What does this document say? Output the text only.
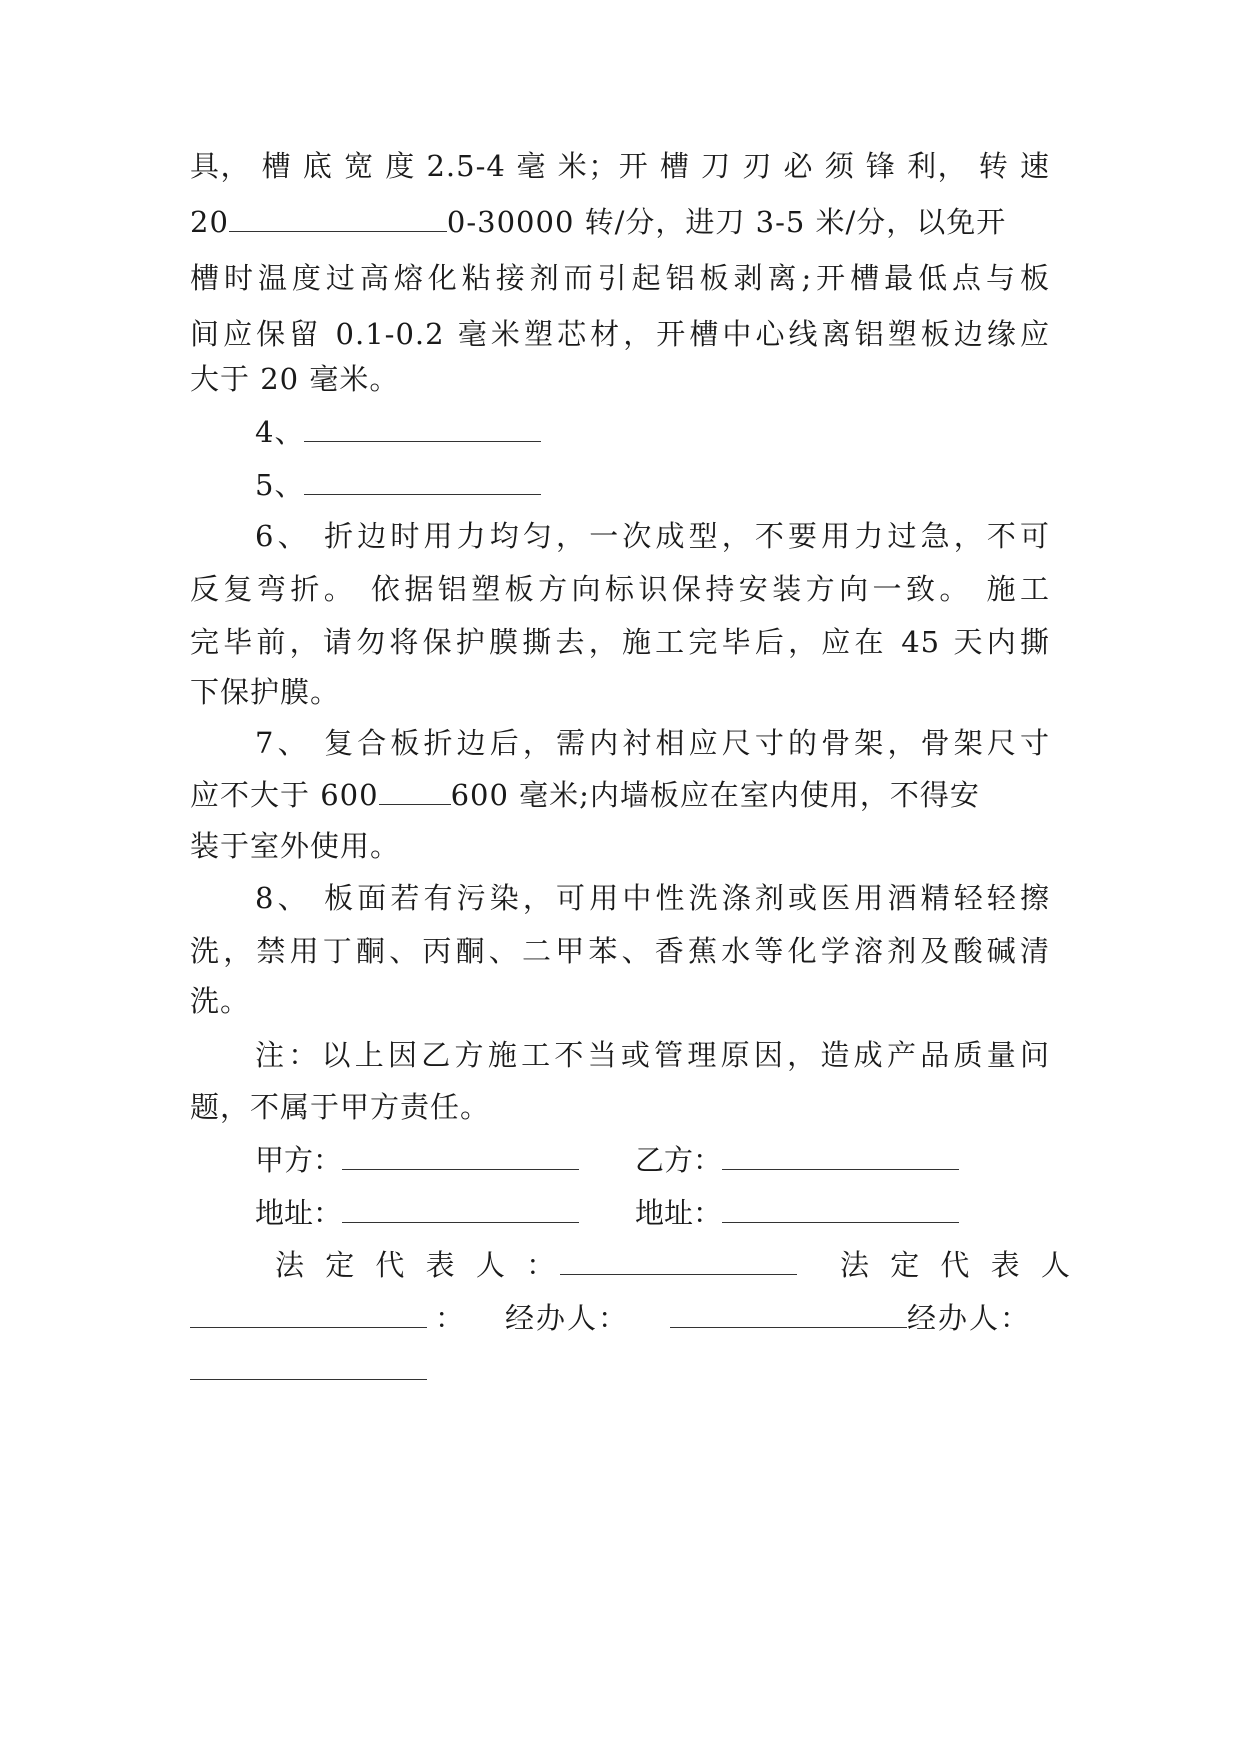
具， 槽 底 宽 度 2.5-4 毫 米；开 槽 刀 刃 必 须 锋 利， 转 速
20	0-30000 转/分，进刀 3-5 米/分，以免开
槽时温度过高熔化粘接剂而引起铝板剥离;开槽最低点与板
间应保留 0.1-0.2 毫米塑芯材，开槽中心线离铝塑板边缘应
大于 20 毫米。
4、
5、
6、 折边时用力均匀，一次成型，不要用力过急，不可
反复弯折。 依据铝塑板方向标识保持安装方向一致。 施工
完毕前，请勿将保护膜撕去，施工完毕后，应在 45 天内撕
下保护膜。
7、 复合板折边后，需内衬相应尺寸的骨架，骨架尺寸
应不大于 600 600 毫米;内墙板应在室内使用，不得安
装于室外使用。
8、 板面若有污染，可用中性洗涤剂或医用酒精轻轻擦
洗，禁用丁酮、丙酮、二甲苯、香蕉水等化学溶剂及酸碱清
洗。
注：以上因乙方施工不当或管理原因，造成产品质量问
题，不属于甲方责任。
甲方：	乙方：
地址：	地址：
法 定 代 表 人 ：	法 定 代 表 人
： 经办人：	经办人：
